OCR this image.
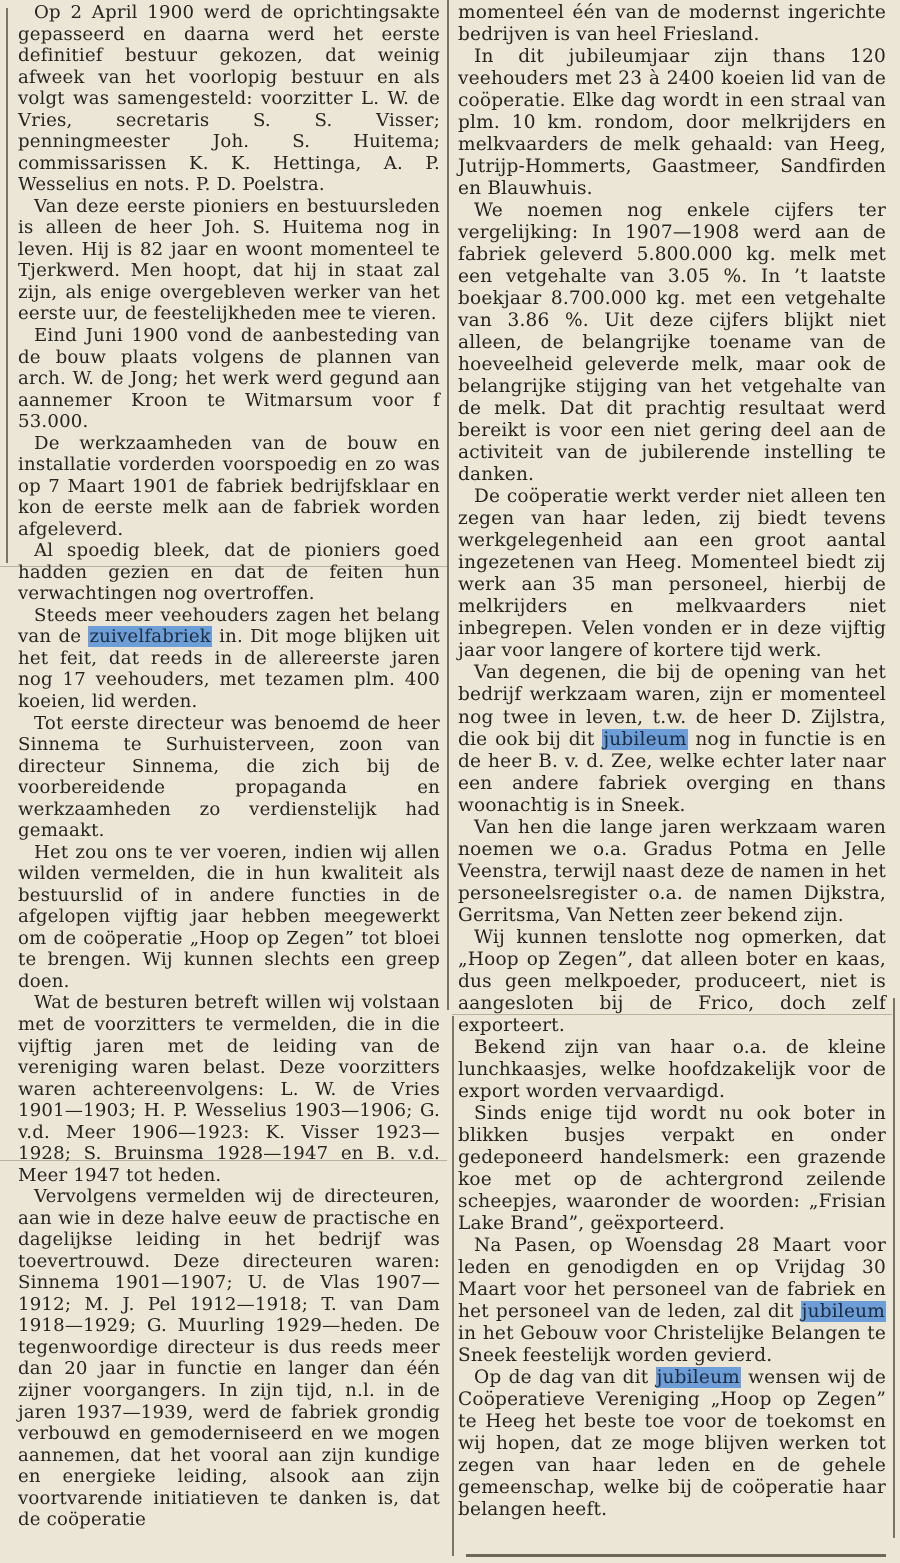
Op 2 April 1900 werd de oprichtingsakte gepasseerd en daarna werd het eerste definitief bestuur gekozen, dat weinig afweek van het voorlopig bestuur en als volgt was samengesteld: voorzitter L. W. de Vries, secretaris S. S. Visser; penningmeester Joh. S. Huitema; commissarissen K. K. Hettinga, A. P. Wesselius en nots. P. D. Poelstra.

Van deze eerste pioniers en bestuursleden is alleen de heer Joh. S. Huitema nog in leven. Hij is 82 jaar en woont momenteel te Tjerkwerd. Men hoopt, dat hij in staat zal zijn, als enige overgebleven werker van het eerste uur, de feestelijkheden mee te vieren.

Eind Juni 1900 vond de aanbesteding van de bouw plaats volgens de plannen van arch. W. de Jong; het werk werd gegund aan aannemer Kroon te Witmarsum voor f 53.000.

De werkzaamheden van de bouw en installatie vorderden voorspoedig en zo was op 7 Maart 1901 de fabriek bedrijfsklaar en kon de eerste melk aan de fabriek worden afgeleverd.

Al spoedig bleek, dat de pioniers goed hadden gezien en dat de feiten hun verwachtingen nog overtroffen.

Steeds meer veehouders zagen het belang van de zuivelfabriek in. Dit moge blijken uit het feit, dat reeds in de allereerste jaren nog 17 veehouders, met tezamen plm. 400 koeien, lid werden.

Tot eerste directeur was benoemd de heer Sinnema te Surhuisterveen, zoon van directeur Sinnema, die zich bij de voorbereidende propaganda en werkzaamheden zo verdienstelijk had gemaakt.

Het zou ons te ver voeren, indien wij allen wilden vermelden, die in hun kwaliteit als bestuurslid of in andere functies in de afgelopen vijftig jaar hebben meegewerkt om de coöperatie „Hoop op Zegen” tot bloei te brengen. Wij kunnen slechts een greep doen.

Wat de besturen betreft willen wij volstaan met de voorzitters te vermelden, die in die vijftig jaren met de leiding van de vereniging waren belast. Deze voorzitters waren achtereenvolgens: L. W. de Vries 1901—1903; H. P. Wesselius 1903—1906; G. v.d. Meer 1906—1923: K. Visser 1923—1928; S. Bruinsma 1928—1947 en B. v.d. Meer 1947 tot heden.

Vervolgens vermelden wij de directeuren, aan wie in deze halve eeuw de practische en dagelijkse leiding in het bedrijf was toevertrouwd. Deze directeuren waren: Sinnema 1901—1907; U. de Vlas 1907—1912; M. J. Pel 1912—1918; T. van Dam 1918—1929; G. Muurling 1929—heden. De tegenwoordige directeur is dus reeds meer dan 20 jaar in functie en langer dan één zijner voorgangers. In zijn tijd, n.l. in de jaren 1937—1939, werd de fabriek grondig verbouwd en gemoderniseerd en we mogen aannemen, dat het vooral aan zijn kundige en energieke leiding, alsook aan zijn voortvarende initiatieven te danken is, dat de coöperatie

momenteel één van de modernst ingerichte bedrijven is van heel Friesland.

In dit jubileumjaar zijn thans 120 veehouders met 23 à 2400 koeien lid van de coöperatie. Elke dag wordt in een straal van plm. 10 km. rondom, door melkrijders en melkvaarders de melk gehaald: van Heeg, Jutrijp-Hommerts, Gaastmeer, Sandfirden en Blauwhuis.

We noemen nog enkele cijfers ter vergelijking: In 1907—1908 werd aan de fabriek geleverd 5.800.000 kg. melk met een vetgehalte van 3.05 %. In ’t laatste boekjaar 8.700.000 kg. met een vetgehalte van 3.86 %. Uit deze cijfers blijkt niet alleen, de belangrijke toename van de hoeveelheid geleverde melk, maar ook de belangrijke stijging van het vetgehalte van de melk. Dat dit prachtig resultaat werd bereikt is voor een niet gering deel aan de activiteit van de jubilerende instelling te danken.

De coöperatie werkt verder niet alleen ten zegen van haar leden, zij biedt tevens werkgelegenheid aan een groot aantal ingezetenen van Heeg. Momenteel biedt zij werk aan 35 man personeel, hierbij de melkrijders en melkvaarders niet inbegrepen. Velen vonden er in deze vijftig jaar voor langere of kortere tijd werk.

Van degenen, die bij de opening van het bedrijf werkzaam waren, zijn er momenteel nog twee in leven, t.w. de heer D. Zijlstra, die ook bij dit jubileum nog in functie is en de heer B. v. d. Zee, welke echter later naar een andere fabriek overging en thans woonachtig is in Sneek.

Van hen die lange jaren werkzaam waren noemen we o.a. Gradus Potma en Jelle Veenstra, terwijl naast deze de namen in het personeelsregister o.a. de namen Dijkstra, Gerritsma, Van Netten zeer bekend zijn.

Wij kunnen tenslotte nog opmerken, dat „Hoop op Zegen”, dat alleen boter en kaas, dus geen melkpoeder, produceert, niet is aangesloten bij de Frico, doch zelf exporteert.

Bekend zijn van haar o.a. de kleine lunchkaasjes, welke hoofdzakelijk voor de export worden vervaardigd.

Sinds enige tijd wordt nu ook boter in blikken busjes verpakt en onder gedeponeerd handelsmerk: een grazende koe met op de achtergrond zeilende scheepjes, waaronder de woorden: „Frisian Lake Brand”, geëxporteerd.

Na Pasen, op Woensdag 28 Maart voor leden en genodigden en op Vrijdag 30 Maart voor het personeel van de fabriek en het personeel van de leden, zal dit jubileum in het Gebouw voor Christelijke Belangen te Sneek feestelijk worden gevierd.

Op de dag van dit jubileum wensen wij de Coöperatieve Vereniging „Hoop op Zegen” te Heeg het beste toe voor de toekomst en wij hopen, dat ze moge blijven werken tot zegen van haar leden en de gehele gemeenschap, welke bij de coöperatie haar belangen heeft.
